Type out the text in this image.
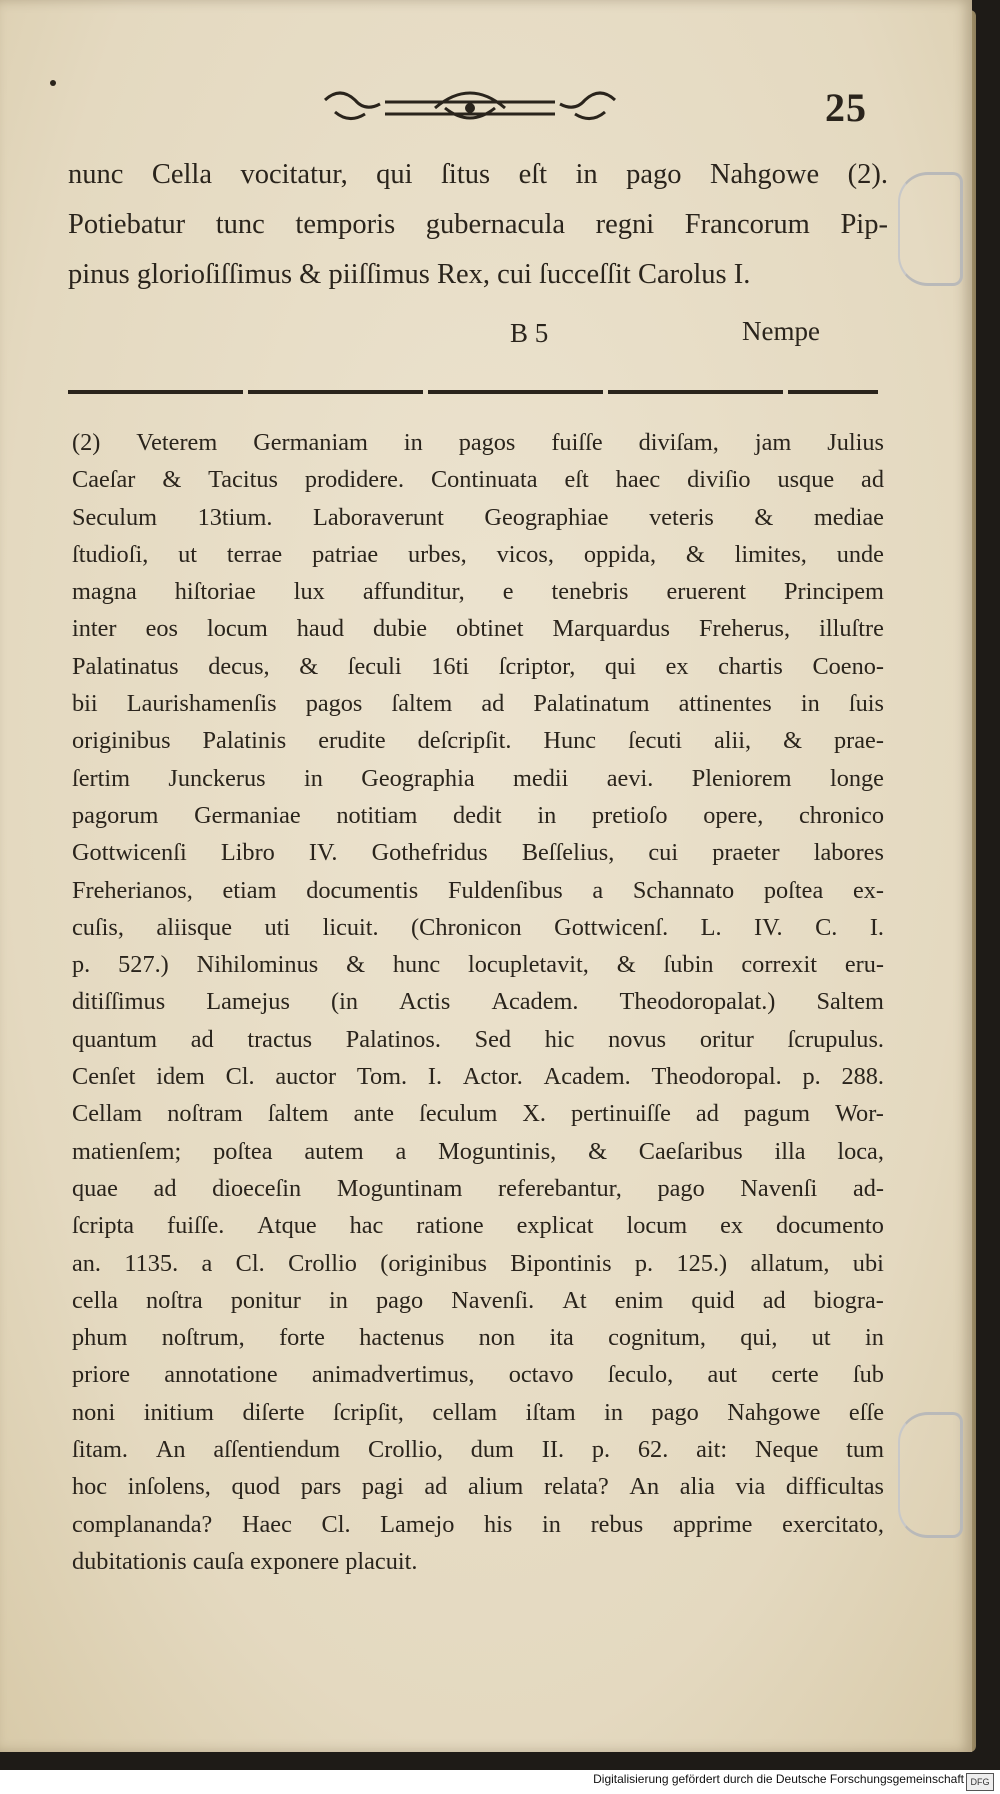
25
nunc Cella vocitatur, qui ſitus eſt in pago Nahgowe (2).
Potiebatur tunc temporis gubernacula regni Francorum Pip-
pinus glorioſiſſimus & piiſſimus Rex, cui ſucceſſit Carolus I.
B 5	Nempe
(2) Veterem Germaniam in pagos fuiſſe diviſam, jam Julius
Caeſar & Tacitus prodidere. Continuata eſt haec diviſio usque ad
Seculum 13tium. Laboraverunt Geographiae veteris & mediae
ſtudioſi, ut terrae patriae urbes, vicos, oppida, & limites, unde
magna hiſtoriae lux affunditur, e tenebris eruerent Principem
inter eos locum haud dubie obtinet Marquardus Freherus, illuſtre
Palatinatus decus, & ſeculi 16ti ſcriptor, qui ex chartis Coeno-
bii Laurishamenſis pagos ſaltem ad Palatinatum attinentes in ſuis
originibus Palatinis erudite deſcripſit. Hunc ſecuti alii, & prae-
ſertim Junckerus in Geographia medii aevi. Pleniorem longe
pagorum Germaniae notitiam dedit in pretioſo opere, chronico
Gottwicenſi Libro IV. Gothefridus Beſſelius, cui praeter labores
Freherianos, etiam documentis Fuldenſibus a Schannato poſtea ex-
cuſis, aliisque uti licuit. (Chronicon Gottwicenſ. L. IV. C. I.
p. 527.) Nihilominus & hunc locupletavit, & ſubin correxit eru-
ditiſſimus Lamejus (in Actis Academ. Theodoropalat.) Saltem
quantum ad tractus Palatinos. Sed hic novus oritur ſcrupulus.
Cenſet idem Cl. auctor Tom. I. Actor. Academ. Theodoropal. p. 288.
Cellam noſtram ſaltem ante ſeculum X. pertinuiſſe ad pagum Wor-
matienſem; poſtea autem a Moguntinis, & Caeſaribus illa loca,
quae ad dioeceſin Moguntinam referebantur, pago Navenſi ad-
ſcripta fuiſſe. Atque hac ratione explicat locum ex documento
an. 1135. a Cl. Crollio (originibus Bipontinis p. 125.) allatum, ubi
cella noſtra ponitur in pago Navenſi. At enim quid ad biogra-
phum noſtrum, forte hactenus non ita cognitum, qui, ut in
priore annotatione animadvertimus, octavo ſeculo, aut certe ſub
noni initium diſerte ſcripſit, cellam iſtam in pago Nahgowe eſſe
ſitam. An aſſentiendum Crollio, dum II. p. 62. ait: Neque tum
hoc inſolens, quod pars pagi ad alium relata? An alia via difficultas
complananda? Haec Cl. Lamejo his in rebus apprime exercitato,
dubitationis cauſa exponere placuit.
Digitalisierung gefördert durch die Deutsche Forschungsgemeinschaft DFG
